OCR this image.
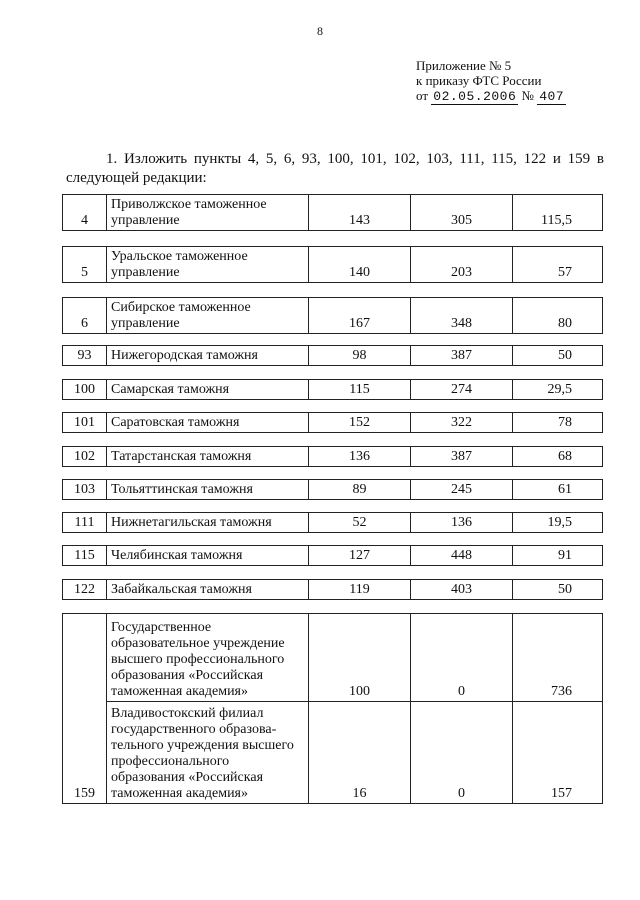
8
Приложение № 5
к приказу ФТС России
от 02.05.2006 № 407
1. Изложить пункты 4, 5, 6, 93, 100, 101, 102, 103, 111, 115, 122 и 159 в следующей редакции:
4	Приволжское таможенное управление	143	305	115,5
5	Уральское таможенное управление	140	203	57
6	Сибирское таможенное управление	167	348	80
93	Нижегородская таможня	98	387	50
100	Самарская таможня	115	274	29,5
101	Саратовская таможня	152	322	78
102	Татарстанская таможня	136	387	68
103	Тольяттинская таможня	89	245	61
111	Нижнетагильская таможня	52	136	19,5
115	Челябинская таможня	127	448	91
122	Забайкальская таможня	119	403	50
159	Государственное образовательное учреждение высшего профессионального образования «Российская таможенная академия»	100	0	736
	Владивостокский филиал государственного образова-тельного учреждения высшего профессионального образования «Российская таможенная академия»	16	0	157
